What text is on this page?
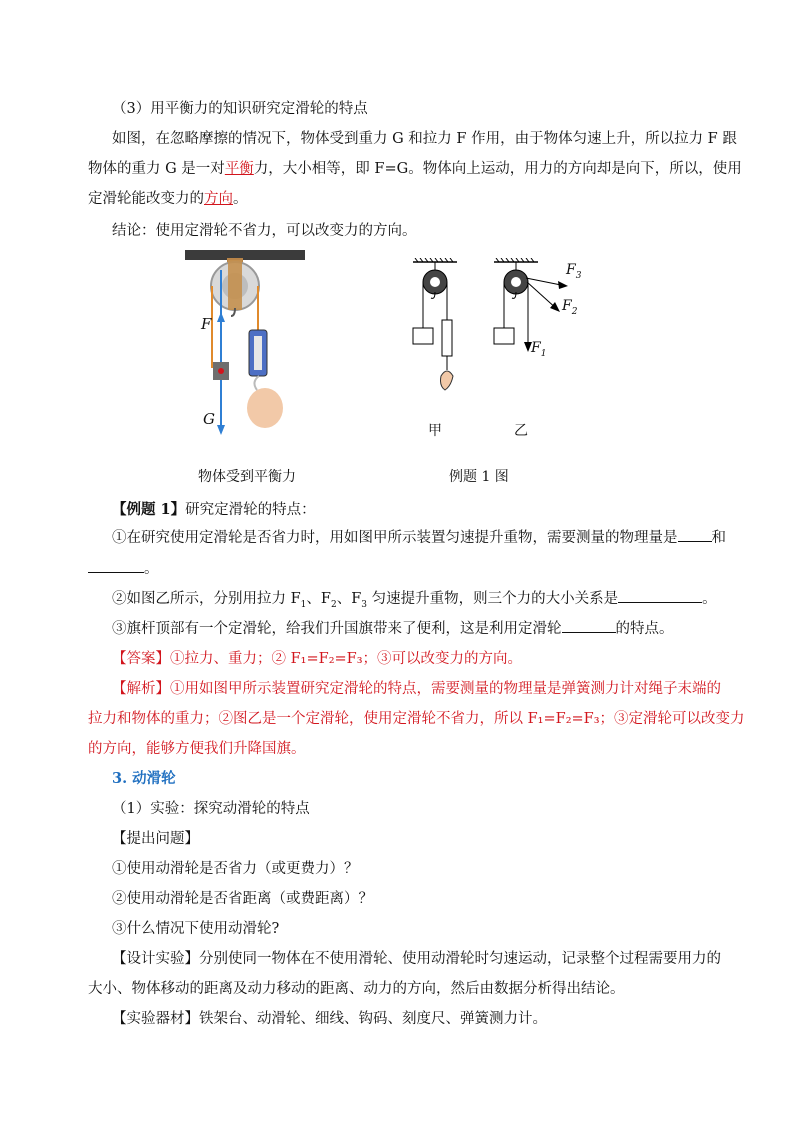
（3）用平衡力的知识研究定滑轮的特点
如图，在忽略摩擦的情况下，物体受到重力 G 和拉力 F 作用，由于物体匀速上升，所以拉力 F 跟
物体的重力 G 是一对平衡力，大小相等，即 F=G。物体向上运动，用力的方向却是向下，所以，使用
定滑轮能改变力的方向。
结论：使用定滑轮不省力，可以改变力的方向。
F
G
$F_3$
$F_2$
$F_1$
甲	乙
物体受到平衡力	例题 1 图
【例题 1】研究定滑轮的特点：
①在研究使用定滑轮是否省力时，用如图甲所示装置匀速提升重物，需要测量的物理量是 和
。
②如图乙所示，分别用拉力 $F_1$、$F_2$、$F_3$ 匀速提升重物，则三个力的大小关系是	。
③旗杆顶部有一个定滑轮，给我们升国旗带来了便利，这是利用定滑轮	的特点。
【答案】①拉力、重力；② F₁=F₂=F₃；③可以改变力的方向。
【解析】①用如图甲所示装置研究定滑轮的特点，需要测量的物理量是弹簧测力计对绳子末端的
拉力和物体的重力；②图乙是一个定滑轮，使用定滑轮不省力，所以 F₁=F₂=F₃；③定滑轮可以改变力
的方向，能够方便我们升降国旗。
3. 动滑轮
（1）实验：探究动滑轮的特点
【提出问题】
①使用动滑轮是否省力（或更费力）？
②使用动滑轮是否省距离（或费距离）？
③什么情况下使用动滑轮?
【设计实验】分别使同一物体在不使用滑轮、使用动滑轮时匀速运动，记录整个过程需要用力的
大小、物体移动的距离及动力移动的距离、动力的方向，然后由数据分析得出结论。
【实验器材】铁架台、动滑轮、细线、钩码、刻度尺、弹簧测力计。
